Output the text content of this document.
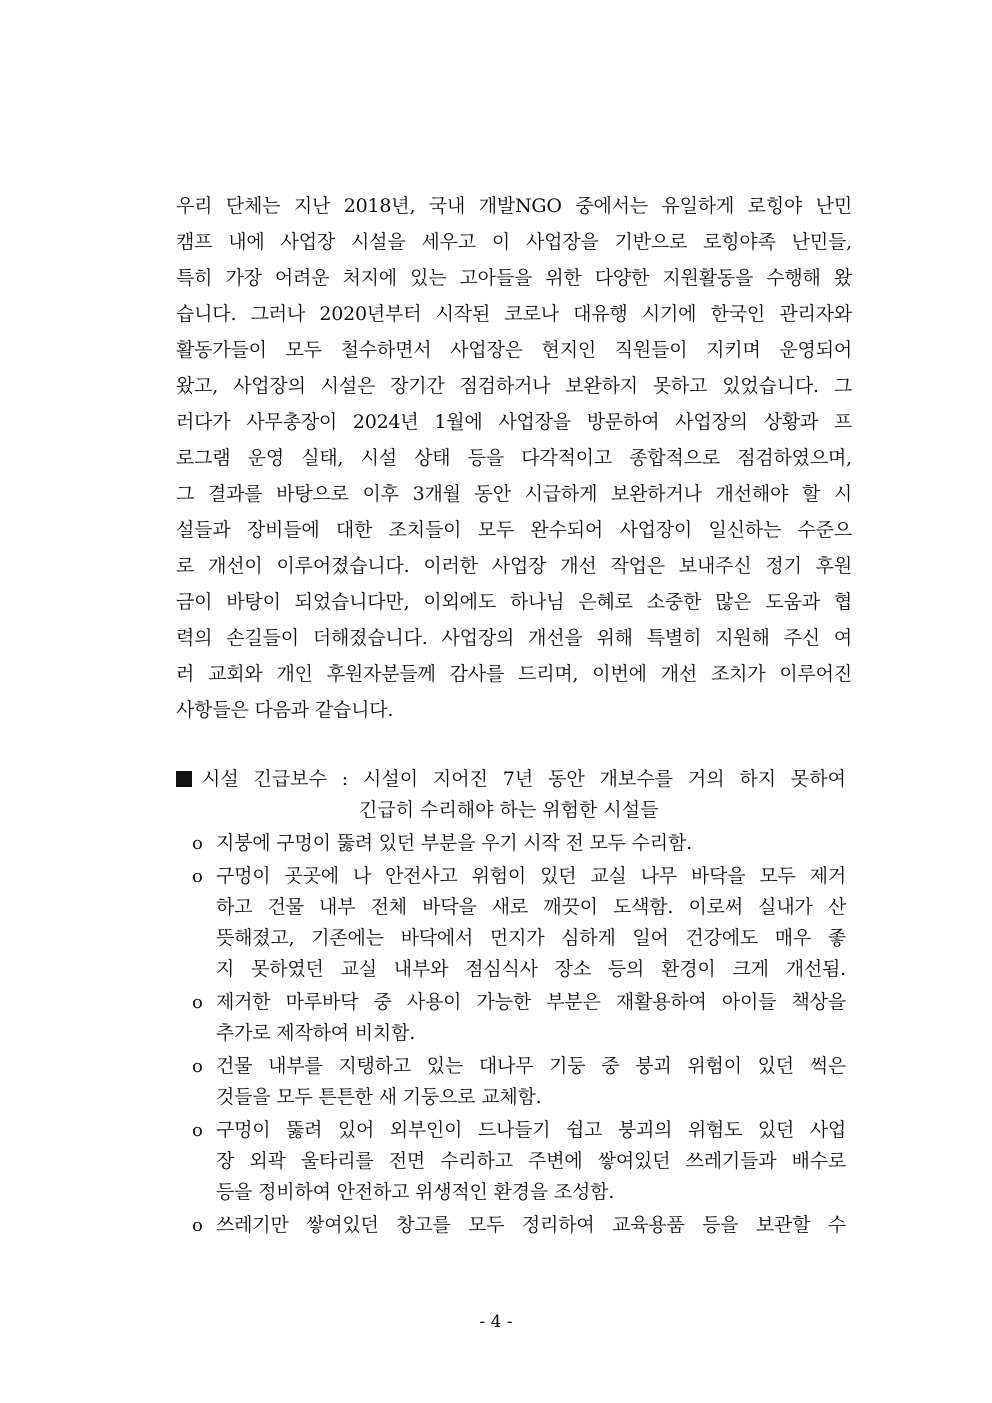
우리 단체는 지난 2018년, 국내 개발NGO 중에서는 유일하게 로힝야 난민
캠프 내에 사업장 시설을 세우고 이 사업장을 기반으로 로힝야족 난민들,
특히 가장 어려운 처지에 있는 고아들을 위한 다양한 지원활동을 수행해 왔
습니다. 그러나 2020년부터 시작된 코로나 대유행 시기에 한국인 관리자와
활동가들이 모두 철수하면서 사업장은 현지인 직원들이 지키며 운영되어
왔고, 사업장의 시설은 장기간 점검하거나 보완하지 못하고 있었습니다. 그
러다가 사무총장이 2024년 1월에 사업장을 방문하여 사업장의 상황과 프
로그램 운영 실태, 시설 상태 등을 다각적이고 종합적으로 점검하였으며,
그 결과를 바탕으로 이후 3개월 동안 시급하게 보완하거나 개선해야 할 시
설들과 장비들에 대한 조치들이 모두 완수되어 사업장이 일신하는 수준으
로 개선이 이루어졌습니다. 이러한 사업장 개선 작업은 보내주신 정기 후원
금이 바탕이 되었습니다만, 이외에도 하나님 은혜로 소중한 많은 도움과 협
력의 손길들이 더해졌습니다. 사업장의 개선을 위해 특별히 지원해 주신 여
러 교회와 개인 후원자분들께 감사를 드리며, 이번에 개선 조치가 이루어진
사항들은 다음과 같습니다.
시설 긴급보수 : 시설이 지어진 7년 동안 개보수를 거의 하지 못하여
긴급히 수리해야 하는 위험한 시설들
o 지붕에 구멍이 뚫려 있던 부분을 우기 시작 전 모두 수리함.
o 구멍이 곳곳에 나 안전사고 위험이 있던 교실 나무 바닥을 모두 제거
하고 건물 내부 전체 바닥을 새로 깨끗이 도색함. 이로써 실내가 산
뜻해졌고, 기존에는 바닥에서 먼지가 심하게 일어 건강에도 매우 좋
지 못하였던 교실 내부와 점심식사 장소 등의 환경이 크게 개선됨.
o 제거한 마루바닥 중 사용이 가능한 부분은 재활용하여 아이들 책상을
추가로 제작하여 비치함.
o 건물 내부를 지탱하고 있는 대나무 기둥 중 붕괴 위험이 있던 썩은
것들을 모두 튼튼한 새 기둥으로 교체함.
o 구멍이 뚫려 있어 외부인이 드나들기 쉽고 붕괴의 위험도 있던 사업
장 외곽 울타리를 전면 수리하고 주변에 쌓여있던 쓰레기들과 배수로
등을 정비하여 안전하고 위생적인 환경을 조성함.
o 쓰레기만 쌓여있던 창고를 모두 정리하여 교육용품 등을 보관할 수
- 4 -
